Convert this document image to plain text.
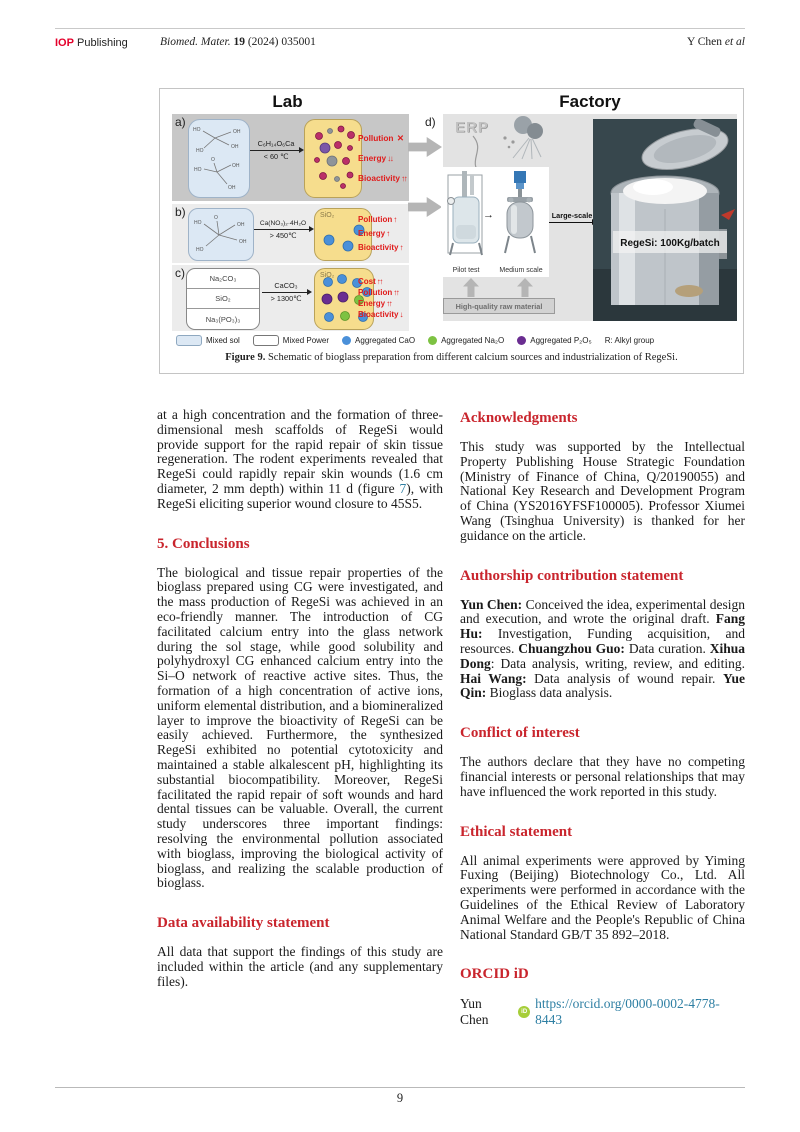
IOP Publishing	Biomed. Mater. 19 (2024) 035001	Y Chen et al
Lab	Factory
a)
HO	OH
OH
HO
OH
HO
OH
O
C₆H₁₄O₆Ca
< 60 ℃
Pollution ✕
Energy↓↓
Bioactivity↑↑
b)
HO	OH
OH
HO
O
Ca(NO₃)₂·4H₂O
> 450℃
SiO₂	Pollution↑
Energy↑
Bioactivity↑
c)	Na₂CO₃
SiO₂
Na₃(PO₃)₃
CaCO₃
> 1300℃
SiO₂
Cost↑↑
Pollution↑↑
Energy↑↑
Bioactivity↓
d) ERP
→
Pilot test	Medium scale
Large-scale
RegeSi: 100Kg/batch
High-quality raw material
Mixed sol	Mixed Power	Aggregated CaO	Aggregated Na₂O	Aggregated P₂O₅ R: Alkyl group
Figure 9. Schematic of bioglass preparation from different calcium sources and industrialization of RegeSi.

at a high concentration and the formation of three-dimensional mesh scaffolds of RegeSi would provide support for the rapid repair of skin tissue regeneration. The rodent experiments revealed that RegeSi could rapidly repair skin wounds (1.6 cm diameter, 2 mm depth) within 11 d (figure 7), with RegeSi eliciting superior wound closure to 45S5.

5. Conclusions

The biological and tissue repair properties of the bioglass prepared using CG were investigated, and the mass production of RegeSi was achieved in an eco-friendly manner. The introduction of CG facilitated calcium entry into the glass network during the sol stage, while good solubility and polyhydroxyl CG enhanced calcium entry into the Si–O network of reactive active sites. Thus, the formation of a high concentration of active ions, uniform elemental distribution, and a biomineralized layer to improve the bioactivity of RegeSi can be easily achieved. Furthermore, the synthesized RegeSi exhibited no potential cytotoxicity and maintained a stable alkalescent pH, highlighting its substantial biocompatibility. Moreover, RegeSi facilitated the rapid repair of soft wounds and hard dental tissues can be valuable. Overall, the current study underscores three important findings: resolving the environmental pollution associated with bioglass, improving the biological activity of bioglass, and realizing the scalable production of bioglass.

Data availability statement

All data that support the findings of this study are included within the article (and any supplementary files).

Acknowledgments

This study was supported by the Intellectual Property Publishing House Strategic Foundation (Ministry of Finance of China, Q/20190055) and National Key Research and Development Program of China (YS2016YFSF100005). Professor Xiumei Wang (Tsinghua University) is thanked for her guidance on the article.

Authorship contribution statement

Yun Chen: Conceived the idea, experimental design and execution, and wrote the original draft. Fang Hu: Investigation, Funding acquisition, and resources. Chuangzhou Guo: Data curation. Xihua Dong: Data analysis, writing, review, and editing. Hai Wang: Data analysis of wound repair. Yue Qin: Bioglass data analysis.

Conflict of interest

The authors declare that they have no competing financial interests or personal relationships that may have influenced the work reported in this study.

Ethical statement

All animal experiments were approved by Yiming Fuxing (Beijing) Biotechnology Co., Ltd. All experiments were performed in accordance with the Guidelines of the Ethical Review of Laboratory Animal Welfare and the People's Republic of China National Standard GB/T 35 892–2018.

ORCID iD
Yun Chen	iD
https://orcid.org/0000-0002-4778-8443
9
